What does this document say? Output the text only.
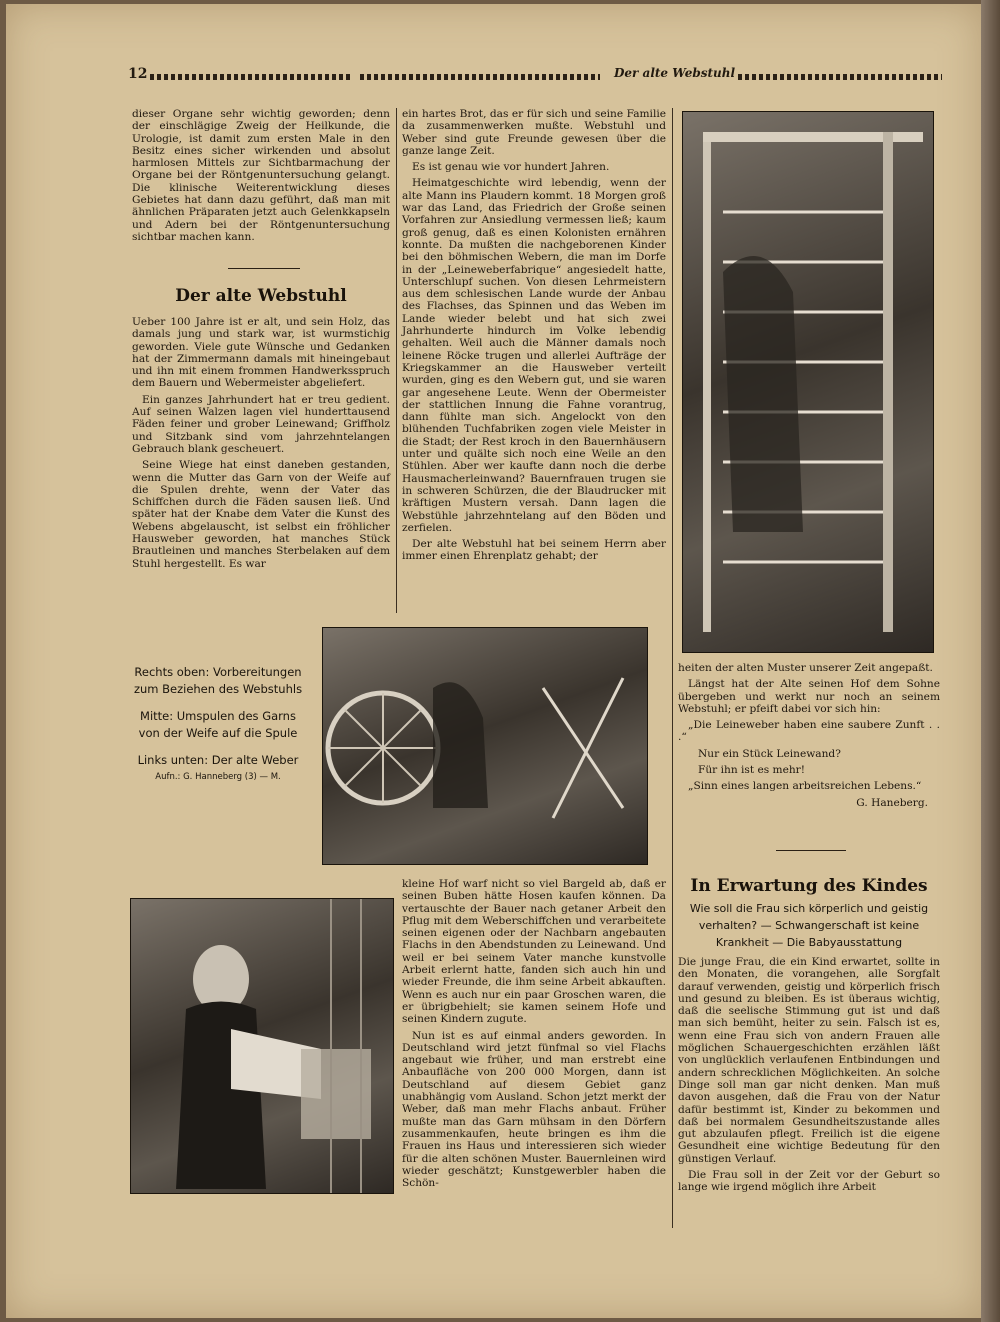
12	Der alte Webstuhl

dieser Organe sehr wichtig geworden; denn der einschlägige Zweig der Heilkunde, die Urologie, ist damit zum ersten Male in den Besitz eines sicher wirkenden und absolut harmlosen Mittels zur Sichtbarmachung der Organe bei der Röntgenuntersuchung gelangt. Die klinische Weiterentwicklung dieses Gebietes hat dann dazu geführt, daß man mit ähnlichen Präparaten jetzt auch Gelenkkapseln und Adern bei der Röntgenuntersuchung sichtbar machen kann.

Der alte Webstuhl

Ueber 100 Jahre ist er alt, und sein Holz, das damals jung und stark war, ist wurmstichig geworden. Viele gute Wünsche und Gedanken hat der Zimmermann damals mit hineingebaut und ihn mit einem frommen Handwerksspruch dem Bauern und Webermeister abgeliefert.

Ein ganzes Jahrhundert hat er treu gedient. Auf seinen Walzen lagen viel hunderttausend Fäden feiner und grober Leinewand; Griffholz und Sitzbank sind vom jahrzehntelangen Gebrauch blank gescheuert.

Seine Wiege hat einst daneben gestanden, wenn die Mutter das Garn von der Weife auf die Spulen drehte, wenn der Vater das Schiffchen durch die Fäden sausen ließ. Und später hat der Knabe dem Vater die Kunst des Webens abgelauscht, ist selbst ein fröhlicher Hausweber geworden, hat manches Stück Brautleinen und manches Sterbelaken auf dem Stuhl hergestellt. Es war

ein hartes Brot, das er für sich und seine Familie da zusammenwerken mußte. Webstuhl und Weber sind gute Freunde gewesen über die ganze lange Zeit.

Es ist genau wie vor hundert Jahren.

Heimatgeschichte wird lebendig, wenn der alte Mann ins Plaudern kommt. 18 Morgen groß war das Land, das Friedrich der Große seinen Vorfahren zur Ansiedlung vermessen ließ; kaum groß genug, daß es einen Kolonisten ernähren konnte. Da mußten die nachgeborenen Kinder bei den böhmischen Webern, die man im Dorfe in der „Leineweberfabrique“ angesiedelt hatte, Unterschlupf suchen. Von diesen Lehrmeistern aus dem schlesischen Lande wurde der Anbau des Flachses, das Spinnen und das Weben im Lande wieder belebt und hat sich zwei Jahrhunderte hindurch im Volke lebendig gehalten. Weil auch die Männer damals noch leinene Röcke trugen und allerlei Aufträge der Kriegskammer an die Hausweber verteilt wurden, ging es den Webern gut, und sie waren gar angesehene Leute. Wenn der Obermeister der stattlichen Innung die Fahne vorantrug, dann fühlte man sich. Angelockt von den blühenden Tuchfabriken zogen viele Meister in die Stadt; der Rest kroch in den Bauernhäusern unter und quälte sich noch eine Weile an den Stühlen. Aber wer kaufte dann noch die derbe Hausmacherleinwand? Bauernfrauen trugen sie in schweren Schürzen, die der Blaudrucker mit kräftigen Mustern versah. Dann lagen die Webstühle jahrzehntelang auf den Böden und zerfielen.

Der alte Webstuhl hat bei seinem Herrn aber immer einen Ehrenplatz gehabt; der

Rechts oben: Vorbereitungen zum Beziehen des Webstuhls

Mitte: Umspulen des Garns von der Weife auf die Spule

Links unten: Der alte Weber

Aufn.: G. Hanneberg (3) — M.

heiten der alten Muster unserer Zeit angepaßt.

Längst hat der Alte seinen Hof dem Sohne übergeben und werkt nur noch an seinem Webstuhl; er pfeift dabei vor sich hin:

„Die Leineweber haben eine saubere Zunft . . .“

Nur ein Stück Leinewand?

Für ihn ist es mehr!

„Sinn eines langen arbeitsreichen Lebens.“

G. Haneberg.

kleine Hof warf nicht so viel Bargeld ab, daß er seinen Buben hätte Hosen kaufen können. Da vertauschte der Bauer nach getaner Arbeit den Pflug mit dem Weberschiffchen und verarbeitete seinen eigenen oder der Nachbarn angebauten Flachs in den Abendstunden zu Leinewand. Und weil er bei seinem Vater manche kunstvolle Arbeit erlernt hatte, fanden sich auch hin und wieder Freunde, die ihm seine Arbeit abkauften. Wenn es auch nur ein paar Groschen waren, die er übrigbehielt; sie kamen seinem Hofe und seinen Kindern zugute.

Nun ist es auf einmal anders geworden. In Deutschland wird jetzt fünfmal so viel Flachs angebaut wie früher, und man erstrebt eine Anbaufläche von 200 000 Morgen, dann ist Deutschland auf diesem Gebiet ganz unabhängig vom Ausland. Schon jetzt merkt der Weber, daß man mehr Flachs anbaut. Früher mußte man das Garn mühsam in den Dörfern zusammenkaufen, heute bringen es ihm die Frauen ins Haus und interessieren sich wieder für die alten schönen Muster. Bauernleinen wird wieder geschätzt; Kunstgewerbler haben die Schön-

In Erwartung des Kindes
Wie soll die Frau sich körperlich und geistig verhalten? — Schwangerschaft ist keine Krankheit — Die Babyausstattung

Die junge Frau, die ein Kind erwartet, sollte in den Monaten, die vorangehen, alle Sorgfalt darauf verwenden, geistig und körperlich frisch und gesund zu bleiben. Es ist überaus wichtig, daß die seelische Stimmung gut ist und daß man sich bemüht, heiter zu sein. Falsch ist es, wenn eine Frau sich von andern Frauen alle möglichen Schauergeschichten erzählen läßt von unglücklich verlaufenen Entbindungen und andern schrecklichen Möglichkeiten. An solche Dinge soll man gar nicht denken. Man muß davon ausgehen, daß die Frau von der Natur dafür bestimmt ist, Kinder zu bekommen und daß bei normalem Gesundheitszustande alles gut abzulaufen pflegt. Freilich ist die eigene Gesundheit eine wichtige Bedeutung für den günstigen Verlauf.

Die Frau soll in der Zeit vor der Geburt so lange wie irgend möglich ihre Arbeit
